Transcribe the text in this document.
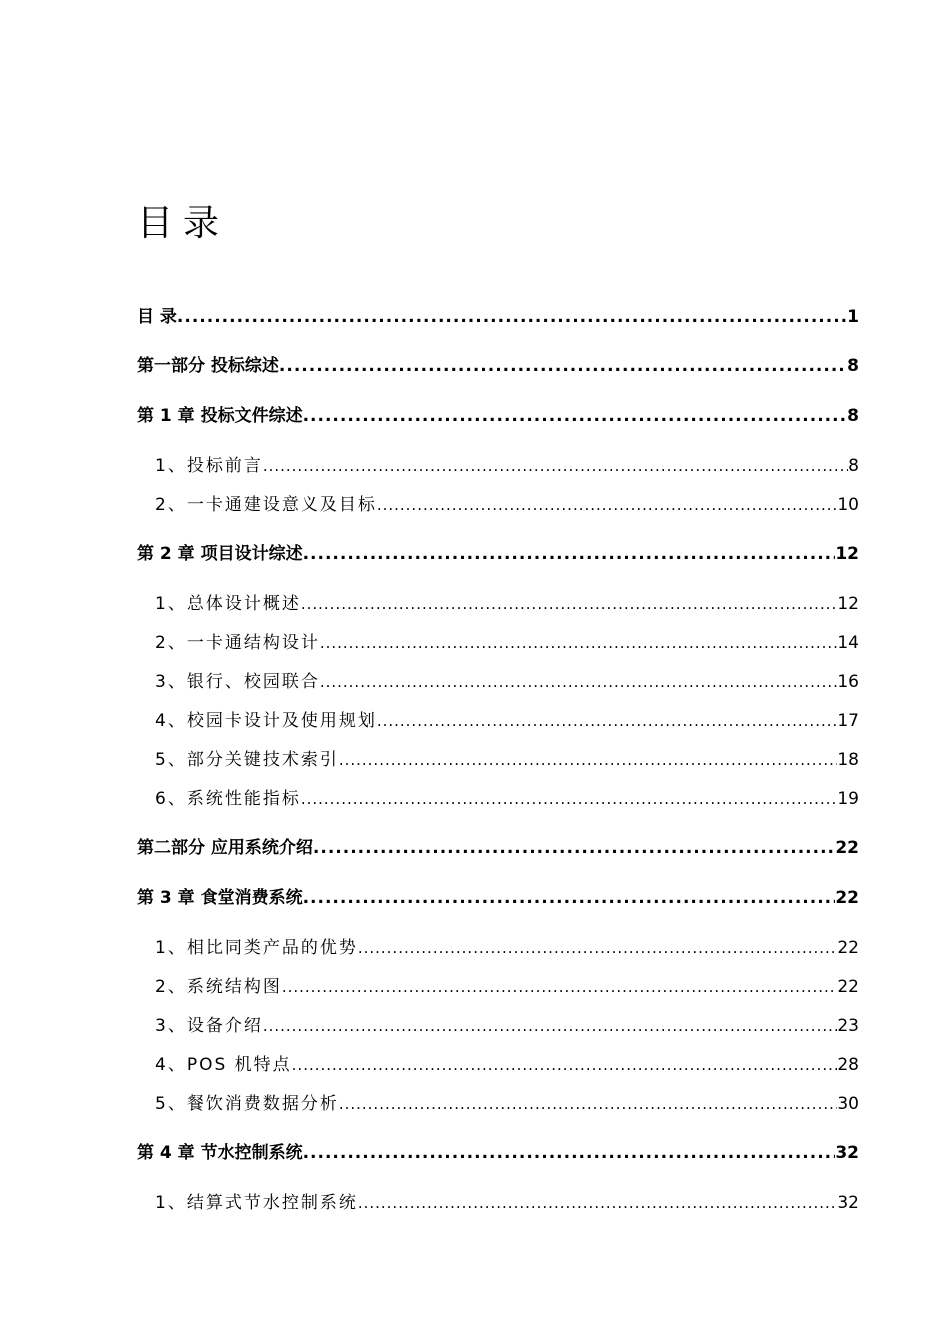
目录
目 录 .....	1
第一部分 投标综述 .....	8
第 1 章 投标文件综述 .....	8
1、投标前言 .....	8
2、一卡通建设意义及目标 .....	10
第 2 章 项目设计综述 .....	12
1、总体设计概述 .....	12
2、一卡通结构设计 .....	14
3、银行、校园联合 .....	16
4、校园卡设计及使用规划 .....	17
5、部分关键技术索引 .....	18
6、系统性能指标 .....	19
第二部分 应用系统介绍 .....	22
第 3 章 食堂消费系统 .....	22
1、相比同类产品的优势 .....	22
2、系统结构图 .....	22
3、设备介绍 .....	23
4、POS 机特点 .....	28
5、餐饮消费数据分析 .....	30
第 4 章 节水控制系统 .....	32
1、结算式节水控制系统 .....	32
